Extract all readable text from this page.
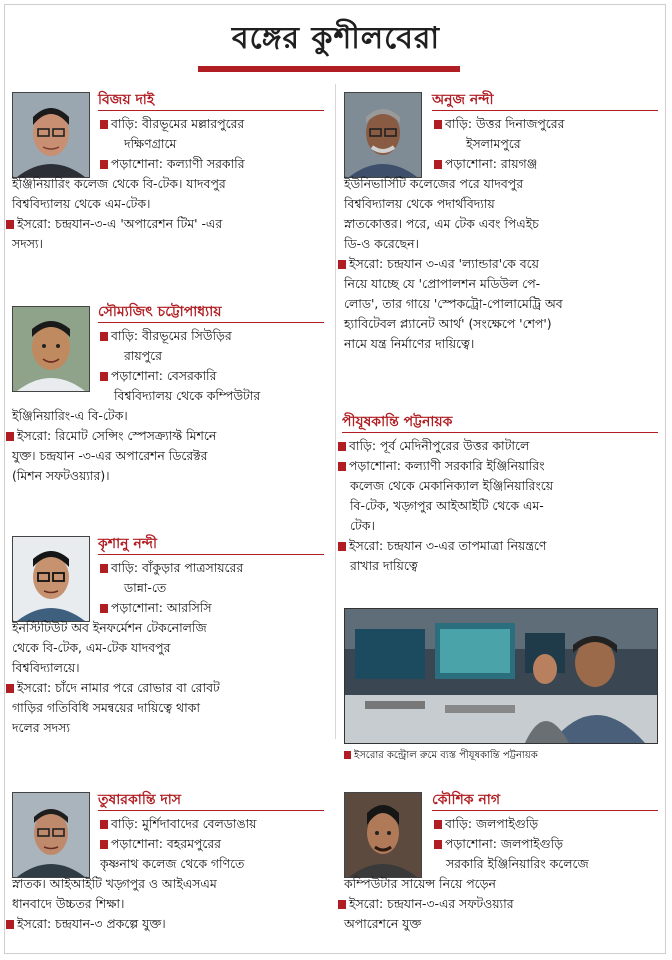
বঙ্গের কুশীলবেরা
বিজয় দাই
বাড়ি: বীরভূমের মল্লারপুরের
দক্ষিণগ্রামে
পড়াশোনা: কল্যাণী সরকারি
ইঞ্জিনিয়ারিং কলেজ থেকে বি-টেক। যাদবপুর
বিশ্ববিদ্যালয় থেকে এম-টেক।
ইসরো: চন্দ্রযান-৩-এ 'অপারেশন টিম' -এর
সদস্য।
অনুজ নন্দী
বাড়ি: উত্তর দিনাজপুরের
ইসলামপুরে
পড়াশোনা: রায়গঞ্জ
ইউনিভার্সিটি কলেজের পরে যাদবপুর
বিশ্ববিদ্যালয় থেকে পদার্থবিদ্যায়
স্নাতকোত্তর। পরে, এম টেক এবং পিএইচ
ডি-ও করেছেন।
ইসরো: চন্দ্রযান ৩-এর 'ল্যান্ডার'কে বয়ে
নিয়ে যাচ্ছে যে 'প্রোপালশন মডিউল পে-
লোড', তার গায়ে 'স্পেকট্রো-পোলামেট্রি অব
হ্যাবিটেবল প্ল্যানেট আর্থ' (সংক্ষেপে 'শেপ')
নামে যন্ত্র নির্মাণের দায়িত্বে।
সৌম্যজিৎ চট্টোপাধ্যায়
বাড়ি: বীরভূমের সিউড়ির
রায়পুরে
পড়াশোনা: বেসরকারি
বিশ্ববিদ্যালয় থেকে কম্পিউটার
ইঞ্জিনিয়ারিং-এ বি-টেক।
ইসরো: রিমোট সেন্সিং স্পেসক্র্যাফ্ট মিশনে
যুক্ত। চন্দ্রযান -৩-এর অপারেশন ডিরেক্টর
(মিশন সফটওয়্যার)।
পীযূষকান্তি পট্টনায়ক
বাড়ি: পূর্ব মেদিনীপুরের উত্তর কাটালে
পড়াশোনা: কল্যাণী সরকারি ইঞ্জিনিয়ারিং
কলেজ থেকে মেকানিক্যাল ইঞ্জিনিয়ারিংয়ে
বি-টেক, খড়্গপুর আইআইটি থেকে এম-
টেক।
ইসরো: চন্দ্রযান ৩-এর তাপমাত্রা নিয়ন্ত্রণে
রাখার দায়িত্বে
কৃশানু নন্দী
বাড়ি: বাঁকুড়ার পাত্রসায়রের
ডান্না-তে
পড়াশোনা: আরসিসি
ইনস্টিটিউট অব ইনফর্মেশন টেকনোলজি
থেকে বি-টেক, এম-টেক যাদবপুর
বিশ্ববিদ্যালয়ে।
ইসরো: চাঁদে নামার পরে রোভার বা রোবট
গাড়ির গতিবিধি সমন্বয়ের দায়িত্বে থাকা
দলের সদস্য
ইসরোর কন্ট্রোল রুমে ব্যস্ত পীযূষকান্তি পট্টনায়ক
তুষারকান্তি দাস
বাড়ি: মুর্শিদাবাদের বেলডাঙায়
পড়াশোনা: বহরমপুরের
কৃষ্ণনাথ কলেজ থেকে গণিতে
স্নাতক। আইআইটি খড়্গপুর ও আইএসএম
ধানবাদে উচ্চতর শিক্ষা।
ইসরো: চন্দ্রযান-৩ প্রকল্পে যুক্ত।
কৌশিক নাগ
বাড়ি: জলপাইগুড়ি
পড়াশোনা: জলপাইগুড়ি
সরকারি ইঞ্জিনিয়ারিং কলেজে
কম্পিউটার সায়েন্স নিয়ে পড়েন
ইসরো: চন্দ্রযান-৩-এর সফটওয়্যার
অপারেশনে যুক্ত
